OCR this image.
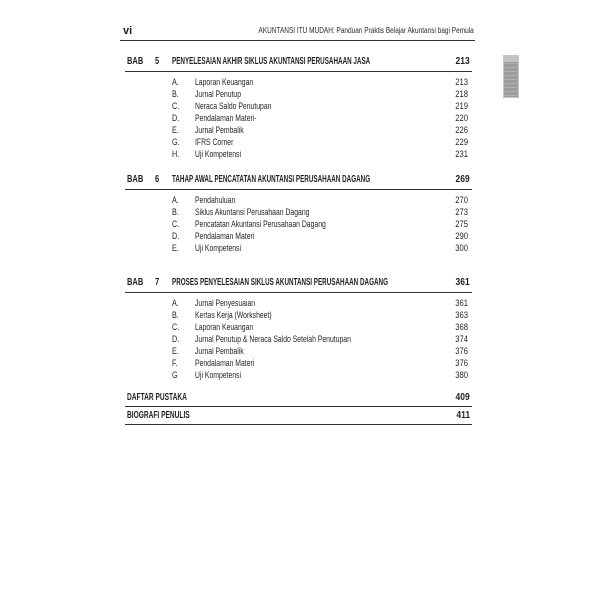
vi	AKUNTANSI ITU MUDAH: Panduan Praktis Belajar Akuntansi bagi Pemula
BAB 5 PENYELESAIAN AKHIR SIKLUS AKUNTANSI PERUSAHAAN JASA	213
A. Laporan Keuangan	213
B. Jurnal Penutup	218
C. Neraca Saldo Penutupan	219
D. Pendalaman Materi-	220
E. Jurnal Pembalik	226
G. IFRS Corner	229
H. Uji Kompetensi	231
BAB 6 TAHAP AWAL PENCATATAN AKUNTANSI PERUSAHAAN DAGANG	269
A. Pendahuluan	270
B. Siklus Akuntansi Perusahaan Dagang	273
C. Pencatatan Akuntansi Perusahaan Dagang	275
D. Pendalaman Materi	290
E. Uji Kompetensi	300
BAB 7 PROSES PENYELESAIAN SIKLUS AKUNTANSI PERUSAHAAN DAGANG	361
A. Jurnal Penyesuaian	361
B. Kertas Kerja (Worksheet)	363
C. Laporan Keuangan	368
D. Jurnal Penutup & Neraca Saldo Setelah Penutupan	374
E. Jurnal Pembalik	376
F. Pendalaman Materi	376
G Uji Kompetensi	380
DAFTAR PUSTAKA	409
BIOGRAFI PENULIS	411
